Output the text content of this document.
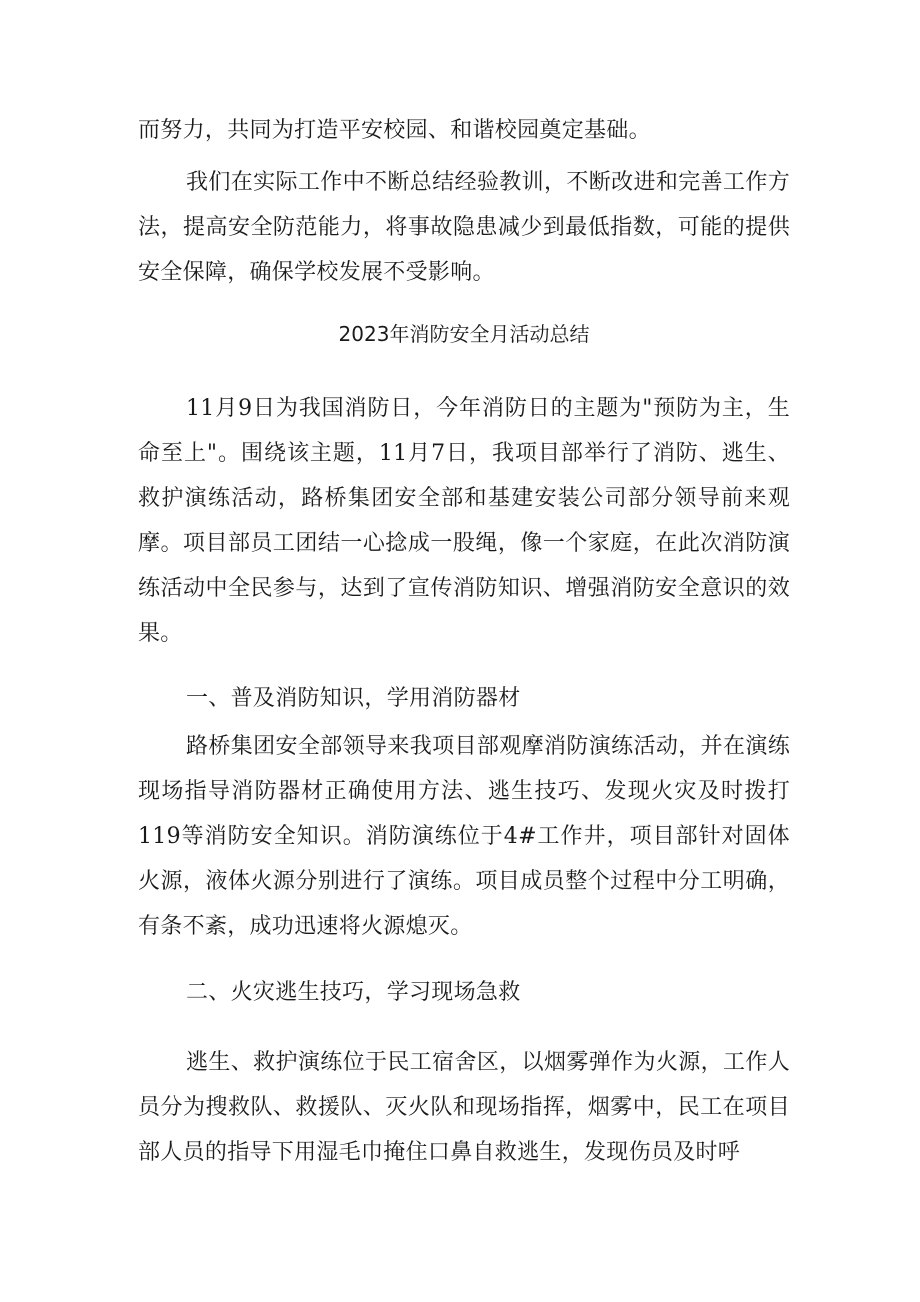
而努力，共同为打造平安校园、和谐校园奠定基础。

我们在实际工作中不断总结经验教训，不断改进和完善工作方法，提高安全防范能力，将事故隐患减少到最低指数，可能的提供安全保障，确保学校发展不受影响。

2023年消防安全月活动总结

11月9日为我国消防日，今年消防日的主题为"预防为主，生命至上"。围绕该主题，11月7日，我项目部举行了消防、逃生、救护演练活动，路桥集团安全部和基建安装公司部分领导前来观摩。项目部员工团结一心捻成一股绳，像一个家庭，在此次消防演练活动中全民参与，达到了宣传消防知识、增强消防安全意识的效果。

一、普及消防知识，学用消防器材

路桥集团安全部领导来我项目部观摩消防演练活动，并在演练现场指导消防器材正确使用方法、逃生技巧、发现火灾及时拨打119等消防安全知识。消防演练位于4#工作井，项目部针对固体火源，液体火源分别进行了演练。项目成员整个过程中分工明确，有条不紊，成功迅速将火源熄灭。

二、火灾逃生技巧，学习现场急救

逃生、救护演练位于民工宿舍区，以烟雾弹作为火源，工作人员分为搜救队、救援队、灭火队和现场指挥，烟雾中，民工在项目部人员的指导下用湿毛巾掩住口鼻自救逃生，发现伤员及时呼
